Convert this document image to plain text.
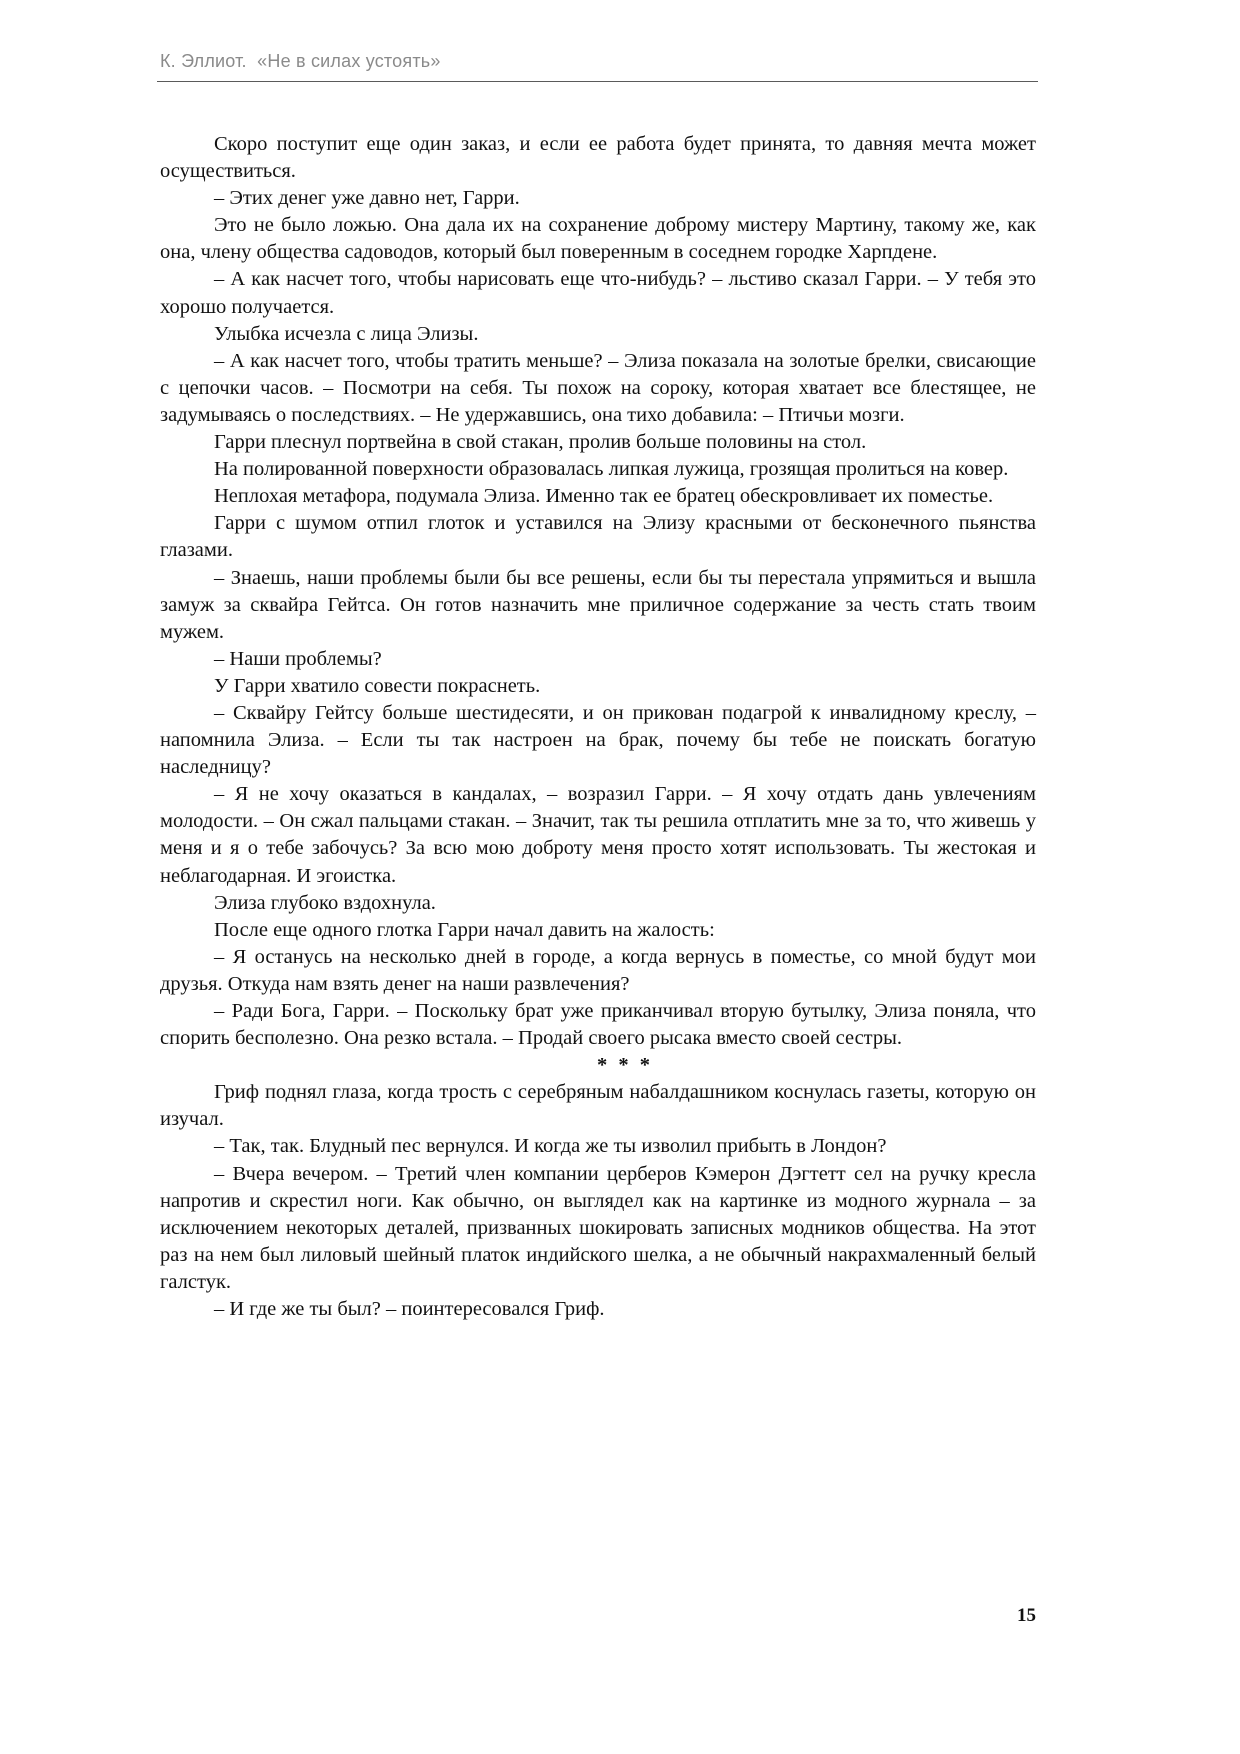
К. Эллиот. «Не в силах устоять»

Скоро поступит еще один заказ, и если ее работа будет принята, то давняя мечта может осуществиться.

– Этих денег уже давно нет, Гарри.

Это не было ложью. Она дала их на сохранение доброму мистеру Мартину, такому же, как она, члену общества садоводов, который был поверенным в соседнем городке Харпдене.

– А как насчет того, чтобы нарисовать еще что-нибудь? – льстиво сказал Гарри. – У тебя это хорошо получается.

Улыбка исчезла с лица Элизы.

– А как насчет того, чтобы тратить меньше? – Элиза показала на золотые брелки, свисающие с цепочки часов. – Посмотри на себя. Ты похож на сороку, которая хватает все блестящее, не задумываясь о последствиях. – Не удержавшись, она тихо добавила: – Птичьи мозги.

Гарри плеснул портвейна в свой стакан, пролив больше половины на стол.

На полированной поверхности образовалась липкая лужица, грозящая пролиться на ковер.

Неплохая метафора, подумала Элиза. Именно так ее братец обескровливает их поместье.

Гарри с шумом отпил глоток и уставился на Элизу красными от бесконечного пьянства глазами.

– Знаешь, наши проблемы были бы все решены, если бы ты перестала упрямиться и вышла замуж за сквайра Гейтса. Он готов назначить мне приличное содержание за честь стать твоим мужем.

– Наши проблемы?

У Гарри хватило совести покраснеть.

– Сквайру Гейтсу больше шестидесяти, и он прикован подагрой к инвалидному креслу, – напомнила Элиза. – Если ты так настроен на брак, почему бы тебе не поискать богатую наследницу?

– Я не хочу оказаться в кандалах, – возразил Гарри. – Я хочу отдать дань увлечениям молодости. – Он сжал пальцами стакан. – Значит, так ты решила отплатить мне за то, что живешь у меня и я о тебе забочусь? За всю мою доброту меня просто хотят использовать. Ты жестокая и неблагодарная. И эгоистка.

Элиза глубоко вздохнула.

После еще одного глотка Гарри начал давить на жалость:

– Я останусь на несколько дней в городе, а когда вернусь в поместье, со мной будут мои друзья. Откуда нам взять денег на наши развлечения?

– Ради Бога, Гарри. – Поскольку брат уже приканчивал вторую бутылку, Элиза поняла, что спорить бесполезно. Она резко встала. – Продай своего рысака вместо своей сестры.

* * *

Гриф поднял глаза, когда трость с серебряным набалдашником коснулась газеты, которую он изучал.

– Так, так. Блудный пес вернулся. И когда же ты изволил прибыть в Лондон?

– Вчера вечером. – Третий член компании церберов Кэмерон Дэгтетт сел на ручку кресла напротив и скрестил ноги. Как обычно, он выглядел как на картинке из модного журнала – за исключением некоторых деталей, призванных шокировать записных модников общества. На этот раз на нем был лиловый шейный платок индийского шелка, а не обычный накрахмаленный белый галстук.

– И где же ты был? – поинтересовался Гриф.

15
